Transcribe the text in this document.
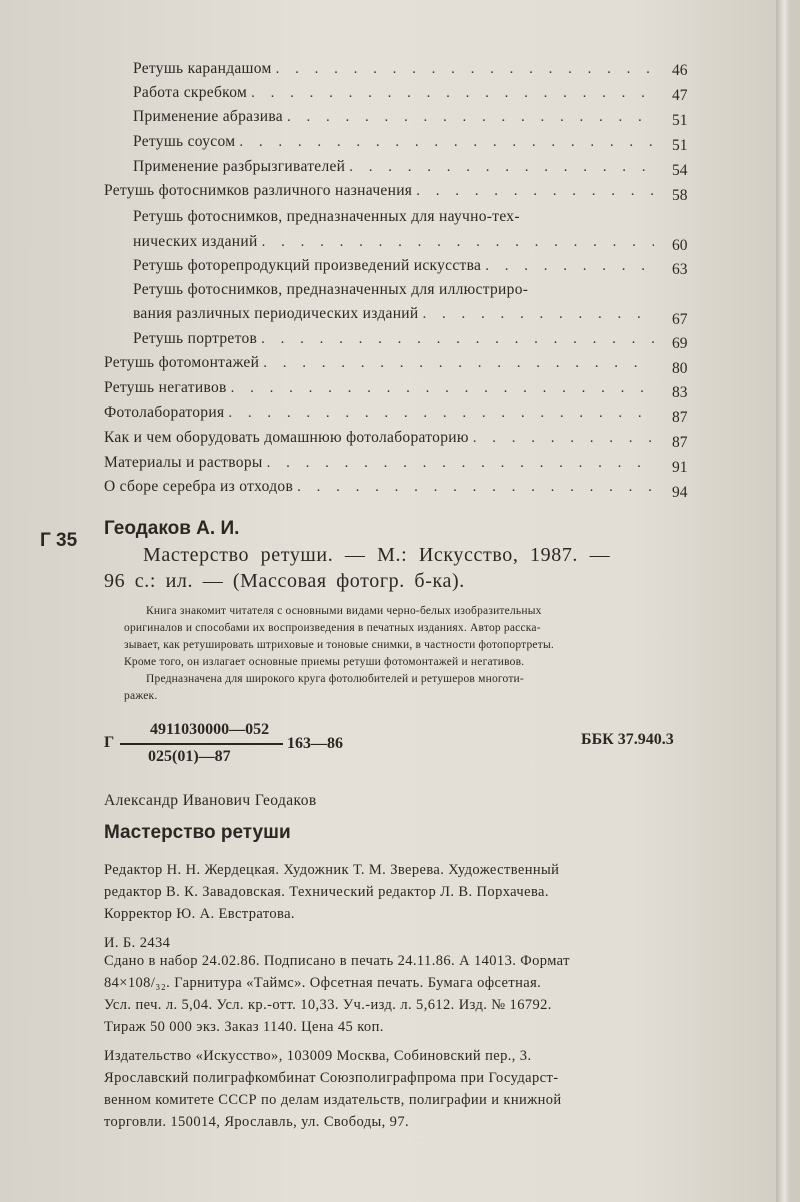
Ретушь карандашом . . .	46
Работа скребком . . .	47
Применение абразива . . .	51
Ретушь соусом . . .	51
Применение разбрызгивателей . . .	54
Ретушь фотоснимков различного назначения . . .	58
Ретушь фотоснимков, предназначенных для научно-тех-
нических изданий . . .	60
Ретушь фоторепродукций произведений искусства . . .	63
Ретушь фотоснимков, предназначенных для иллюстриро-
вания различных периодических изданий . . .	67
Ретушь портретов . . .	69
Ретушь фотомонтажей . . .	80
Ретушь негативов . . .	83
Фотолаборатория . . .	87
Как и чем оборудовать домашнюю фотолабораторию . . .	87
Материалы и растворы . . .	91
О сборе серебра из отходов . . .	94
Г 35
Геодаков А. И.
Мастерство ретуши. — М.: Искусство, 1987. —
96 с.: ил. — (Массовая фотогр. б-ка).
Книга знакомит читателя с основными видами черно-белых изобразительных
оригиналов и способами их воспроизведения в печатных изданиях. Автор расска-
зывает, как ретушировать штриховые и тоновые снимки, в частности фотопортреты.
Кроме того, он излагает основные приемы ретуши фотомонтажей и негативов.
Предназначена для широкого круга фотолюбителей и ретушеров многоти-
ражек.
Г
4911030000—052
025(01)—87
163—86	ББК 37.940.3
Александр Иванович Геодаков
Мастерство ретуши
Редактор Н. Н. Жердецкая. Художник Т. М. Зверева. Художественный
редактор В. К. Завадовская. Технический редактор Л. В. Порхачева.
Корректор Ю. А. Евстратова.
И. Б. 2434
Сдано в набор 24.02.86. Подписано в печать 24.11.86. А 14013. Формат
84×108/₃₂. Гарнитура «Таймс». Офсетная печать. Бумага офсетная.
Усл. печ. л. 5,04. Усл. кр.-отт. 10,33. Уч.-изд. л. 5,612. Изд. № 16792.
Тираж 50 000 экз. Заказ 1140. Цена 45 коп.
Издательство «Искусство», 103009 Москва, Собиновский пер., 3.
Ярославский полиграфкомбинат Союзполиграфпрома при Государст-
венном комитете СССР по делам издательств, полиграфии и книжной
торговли. 150014, Ярославль, ул. Свободы, 97.
